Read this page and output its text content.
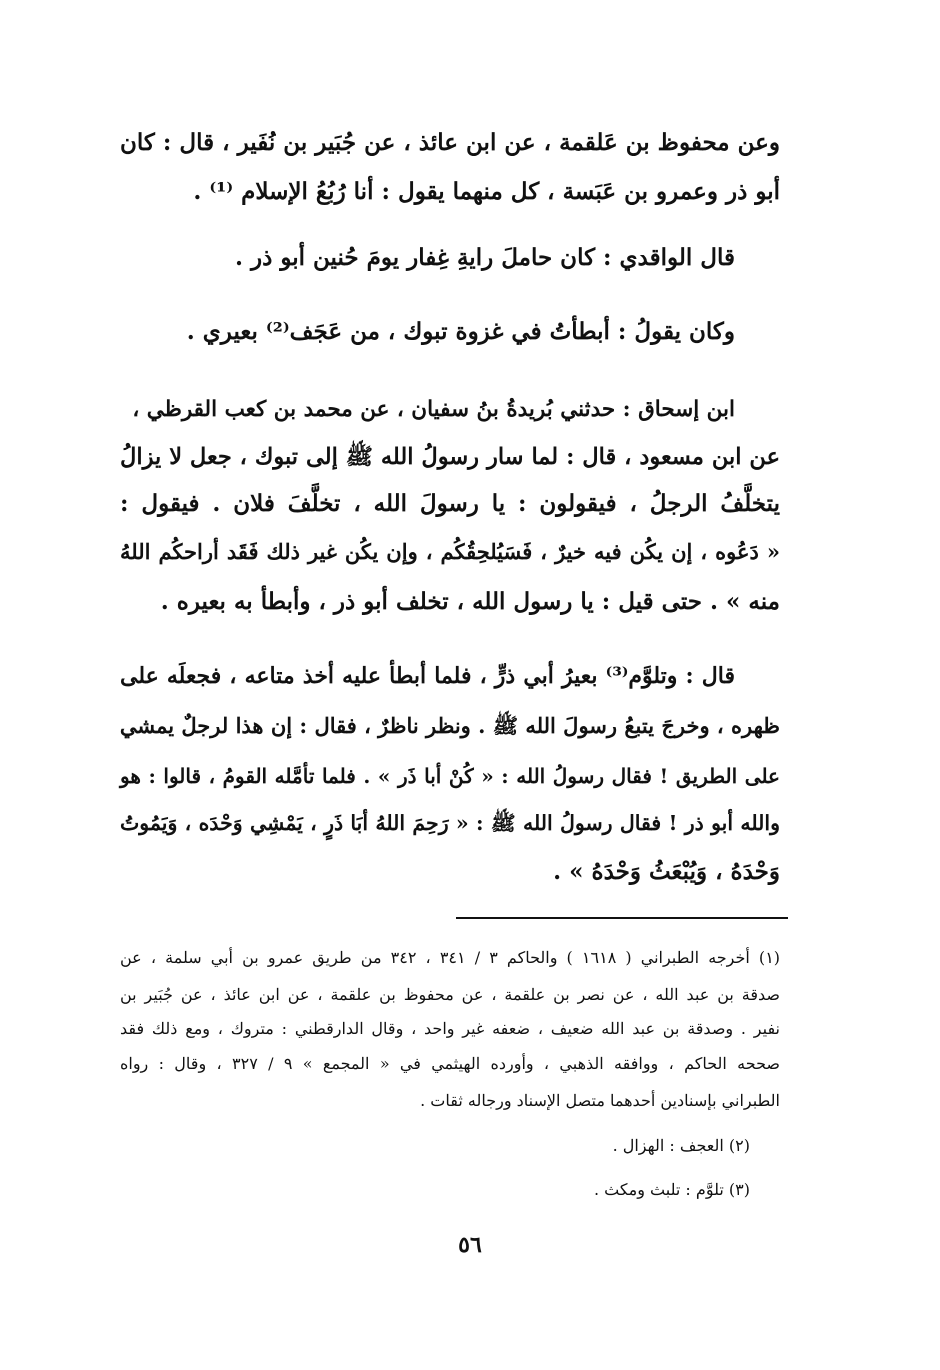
وعن محفوظ بن عَلقمة ، عن ابن عائذ ، عن جُبَير بن نُفَير ، قال : كان
أبو ذر وعمرو بن عَبَسة ، كل منهما يقول : أنا رُبُعُ الإسلام ⁽¹⁾ .
قال الواقدي : كان حاملَ رايةِ غِفار يومَ حُنين أبو ذر .
وكان يقولُ : أبطأتُ في غزوة تبوك ، من عَجَف⁽²⁾ بعيري .
ابن إسحاق : حدثني بُريدةُ بنُ سفيان ، عن محمد بن كعب القرظي ،
عن ابن مسعود ، قال : لما سار رسولُ الله ﷺ إلى تبوك ، جعل لا يزالُ
يتخلَّفُ الرجلُ ، فيقولون : يا رسولَ الله ، تخلَّفَ فلان . فيقول :
« دَعُوه ، إن يكُن فيه خيرٌ ، فَسَيُلحِقُكُم ، وإن يكُن غير ذلك فَقَد أراحكُم اللهُ
منه » . حتى قيل : يا رسول الله ، تخلف أبو ذر ، وأبطأ به بعيره .
قال : وتلوَّم⁽³⁾ بعيرُ أبي ذرٍّ ، فلما أبطأ عليه أخذ متاعه ، فجعلَه على
ظهره ، وخرجَ يتبعُ رسولَ الله ﷺ . ونظر ناظرٌ ، فقال : إن هذا لرجلٌ يمشي
على الطريق ! فقال رسولُ الله : « كُنْ أبا ذَر » . فلما تأمَّله القومُ ، قالوا : هو
والله أبو ذر ! فقال رسولُ الله ﷺ : « رَحِمَ اللهُ أبَا ذَرٍ ، يَمْشِي وَحْدَه ، وَيَمُوتُ
وَحْدَهُ ، وَيُبْعَثُ وَحْدَهُ » .
(١) أخرجه الطبراني ( ١٦١٨ ) والحاكم ٣ / ٣٤١ ، ٣٤٢ من طريق عمرو بن أبي سلمة ، عن
صدقة بن عبد الله ، عن نصر بن علقمة ، عن محفوظ بن علقمة ، عن ابن عائذ ، عن جُبَير بن
نفير . وصدقة بن عبد الله ضعيف ، ضعفه غير واحد ، وقال الدارقطني : متروك ، ومع ذلك فقد
صححه الحاكم ، ووافقه الذهبي ، وأورده الهيثمي في « المجمع » ٩ / ٣٢٧ ، وقال : رواه
الطبراني بإسنادين أحدهما متصل الإسناد ورجاله ثقات .
(٢) العجف : الهزال .
(٣) تلوَّم : تلبث ومكث .
٥٦
